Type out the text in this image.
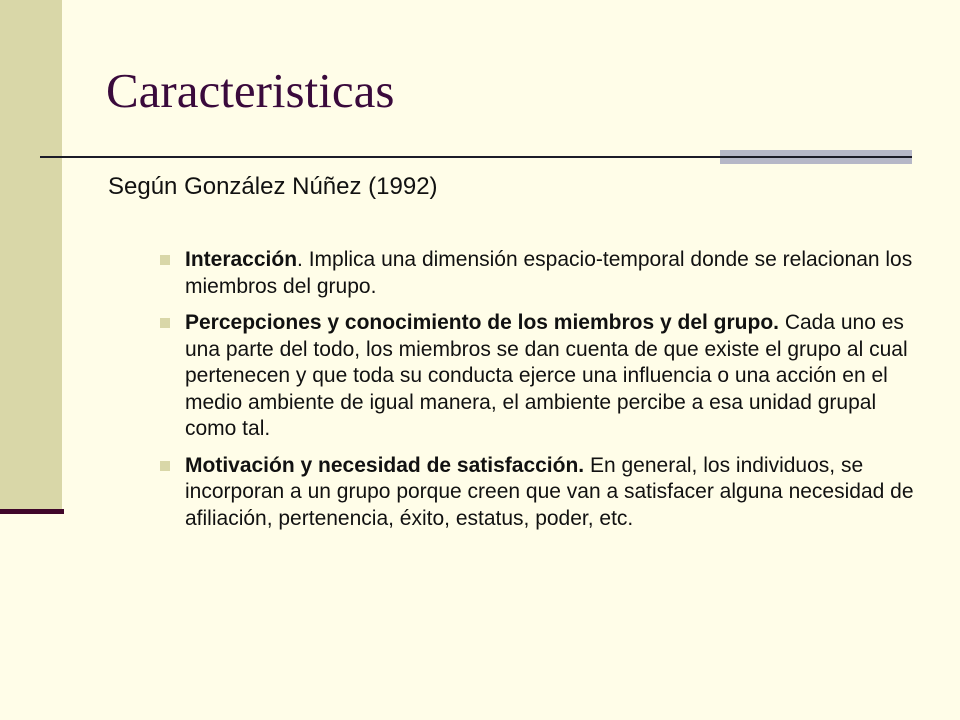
Caracteristicas

Según González Núñez (1992)

Interacción. Implica una dimensión espacio-temporal donde se relacionan los miembros del grupo.
Percepciones y conocimiento de los miembros y del grupo. Cada uno es una parte del todo, los miembros se dan cuenta de que existe el grupo al cual pertenecen y que toda su conducta ejerce una influencia o una acción en el medio ambiente de igual manera, el ambiente percibe a esa unidad grupal como tal.
Motivación y necesidad de satisfacción. En general, los individuos, se incorporan a un grupo porque creen que van a satisfacer alguna necesidad de afiliación, pertenencia, éxito, estatus, poder, etc.
